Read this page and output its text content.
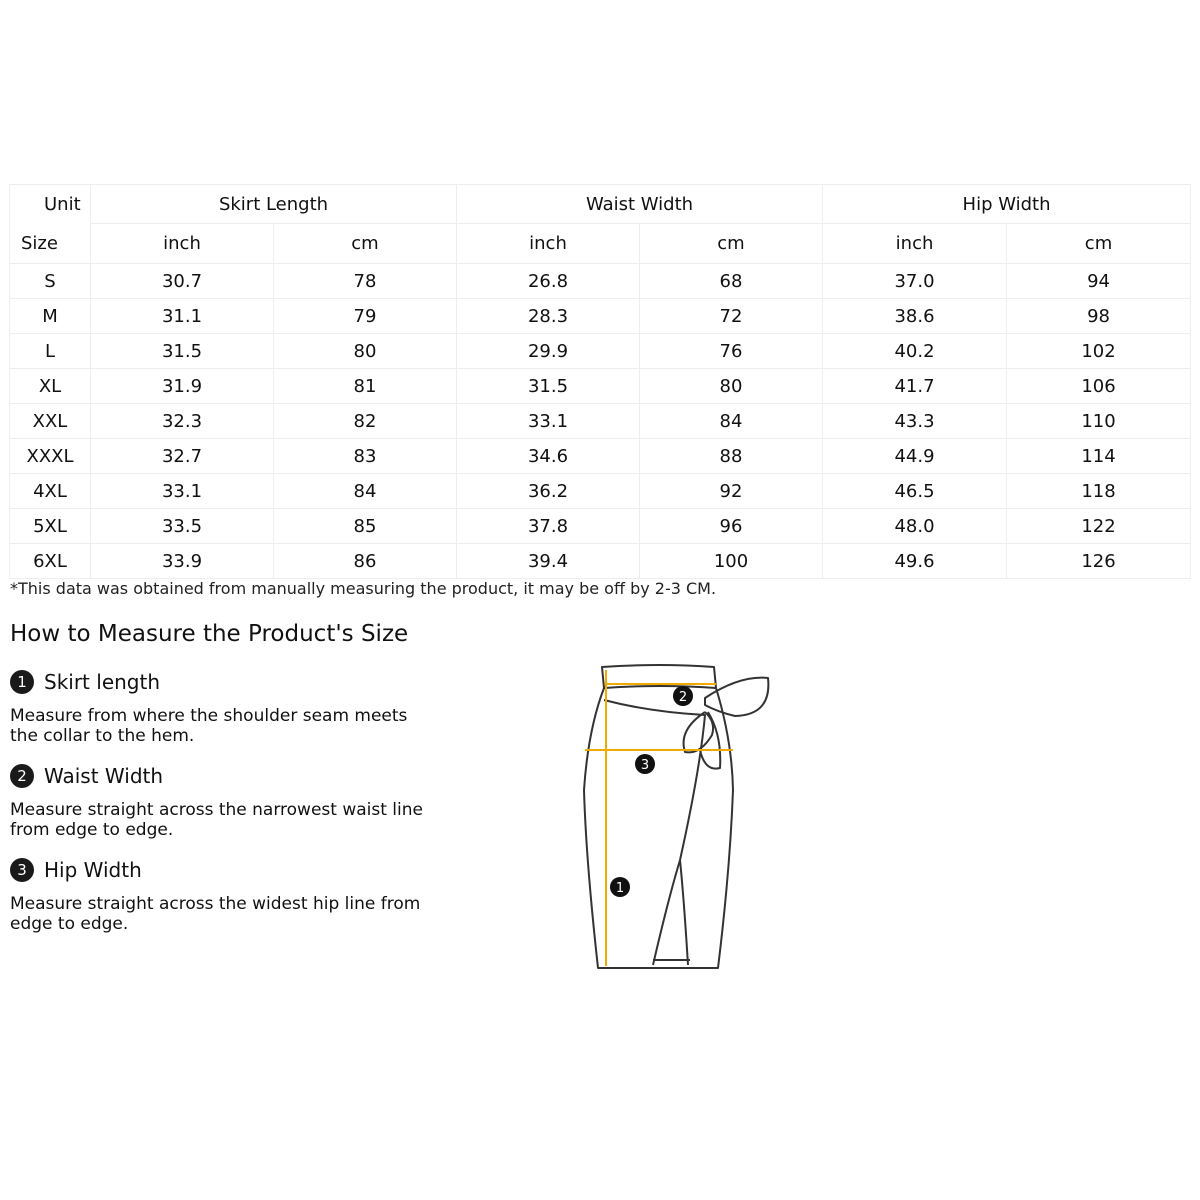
Unit	Skirt Length		Waist Width		Hip Width	
Size	inch	cm	inch	cm	inch	cm
S	30.7	78	26.8	68	37.0	94
M	31.1	79	28.3	72	38.6	98
L	31.5	80	29.9	76	40.2	102
XL	31.9	81	31.5	80	41.7	106
XXL	32.3	82	33.1	84	43.3	110
XXXL	32.7	83	34.6	88	44.9	114
4XL	33.1	84	36.2	92	46.5	118
5XL	33.5	85	37.8	96	48.0	122
6XL	33.9	86	39.4	100	49.6	126
*This data was obtained from manually measuring the product, it may be off by 2-3 CM.
How to Measure the Product's Size
1 Skirt length
Measure from where the shoulder seam meets the collar to the hem.
2 Waist Width
Measure straight across the narrowest waist line from edge to edge.
3 Hip Width
Measure straight across the widest hip line from edge to edge.
2
3
1
